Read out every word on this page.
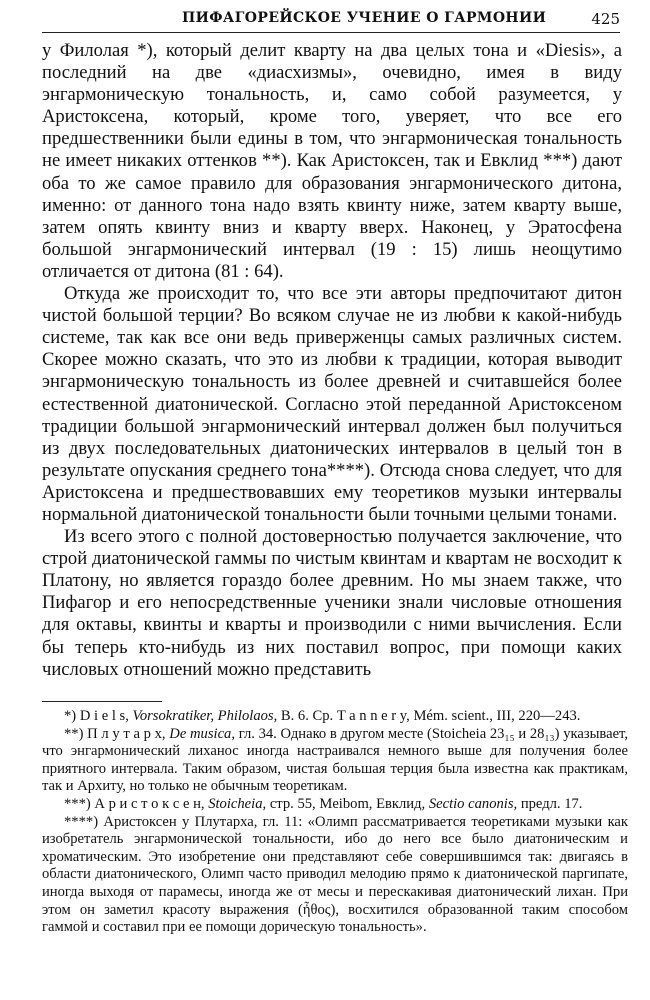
ПИФАГОРЕЙСКОЕ УЧЕНИЕ О ГАРМОНИИ	425

у Филолая *), который делит кварту на два целых тона и «Diesis», а последний на две «диасхизмы», очевидно, имея в виду энгармоническую тональность, и, само собой разумеется, у Аристоксена, который, кроме того, уверяет, что все его предшественники были едины в том, что энгармоническая тональность не имеет никаких оттенков **). Как Аристоксен, так и Евклид ***) дают оба то же самое правило для образования энгармонического дитона, именно: от данного тона надо взять квинту ниже, затем кварту выше, затем опять квинту вниз и кварту вверх. Наконец, у Эратосфена большой энгармонический интервал (19 : 15) лишь неощутимо отличается от дитона (81 : 64).

Откуда же происходит то, что все эти авторы предпочитают дитон чистой большой терции? Во всяком случае не из любви к какой-нибудь системе, так как все они ведь приверженцы самых различных систем. Скорее можно сказать, что это из любви к традиции, которая выводит энгармоническую тональность из более древней и считавшейся более естественной диатонической. Согласно этой переданной Аристоксеном традиции большой энгармонический интервал должен был получиться из двух последовательных диатонических интервалов в целый тон в результате опускания среднего тона****). Отсюда снова следует, что для Аристоксена и предшествовавших ему теоретиков музыки интервалы нормальной диатонической тональности были точными целыми тонами.

Из всего этого с полной достоверностью получается заключение, что строй диатонической гаммы по чистым квинтам и квартам не восходит к Платону, но является гораздо более древним. Но мы знаем также, что Пифагор и его непосредственные ученики знали числовые отношения для октавы, квинты и кварты и производили с ними вычисления. Если бы теперь кто-нибудь из них поставил вопрос, при помощи каких числовых отношений можно представить

*) D i e l s, Vorsokratiker, Philolaos, B. 6. Ср. T a n n e r y, Mém. scient., III, 220—243.

**) П л у т а р х, De musica, гл. 34. Однако в другом месте (Stoicheia 23₁₅ и 28₁₃) указывает, что энгармонический лиханос иногда настраивался немного выше для получения более приятного интервала. Таким образом, чистая большая терция была известна как практикам, так и Архиту, но только не обычным теоретикам.

***) А р и с т о к с е н, Stoicheia, стр. 55, Meibom, Евклид, Sectio canonis, предл. 17.

****) Аристоксен у Плутарха, гл. 11: «Олимп рассматривается теоретиками музыки как изобретатель энгармонической тональности, ибо до него все было диатоническим и хроматическим. Это изобретение они представляют себе совершившимся так: двигаясь в области диатонического, Олимп часто приводил мелодию прямо к диатонической паргипате, иногда выходя от парамесы, иногда же от месы и перескакивая диатонический лихан. При этом он заметил красоту выражения (ἦθος), восхитился образованной таким способом гаммой и составил при ее помощи дорическую тональность».
